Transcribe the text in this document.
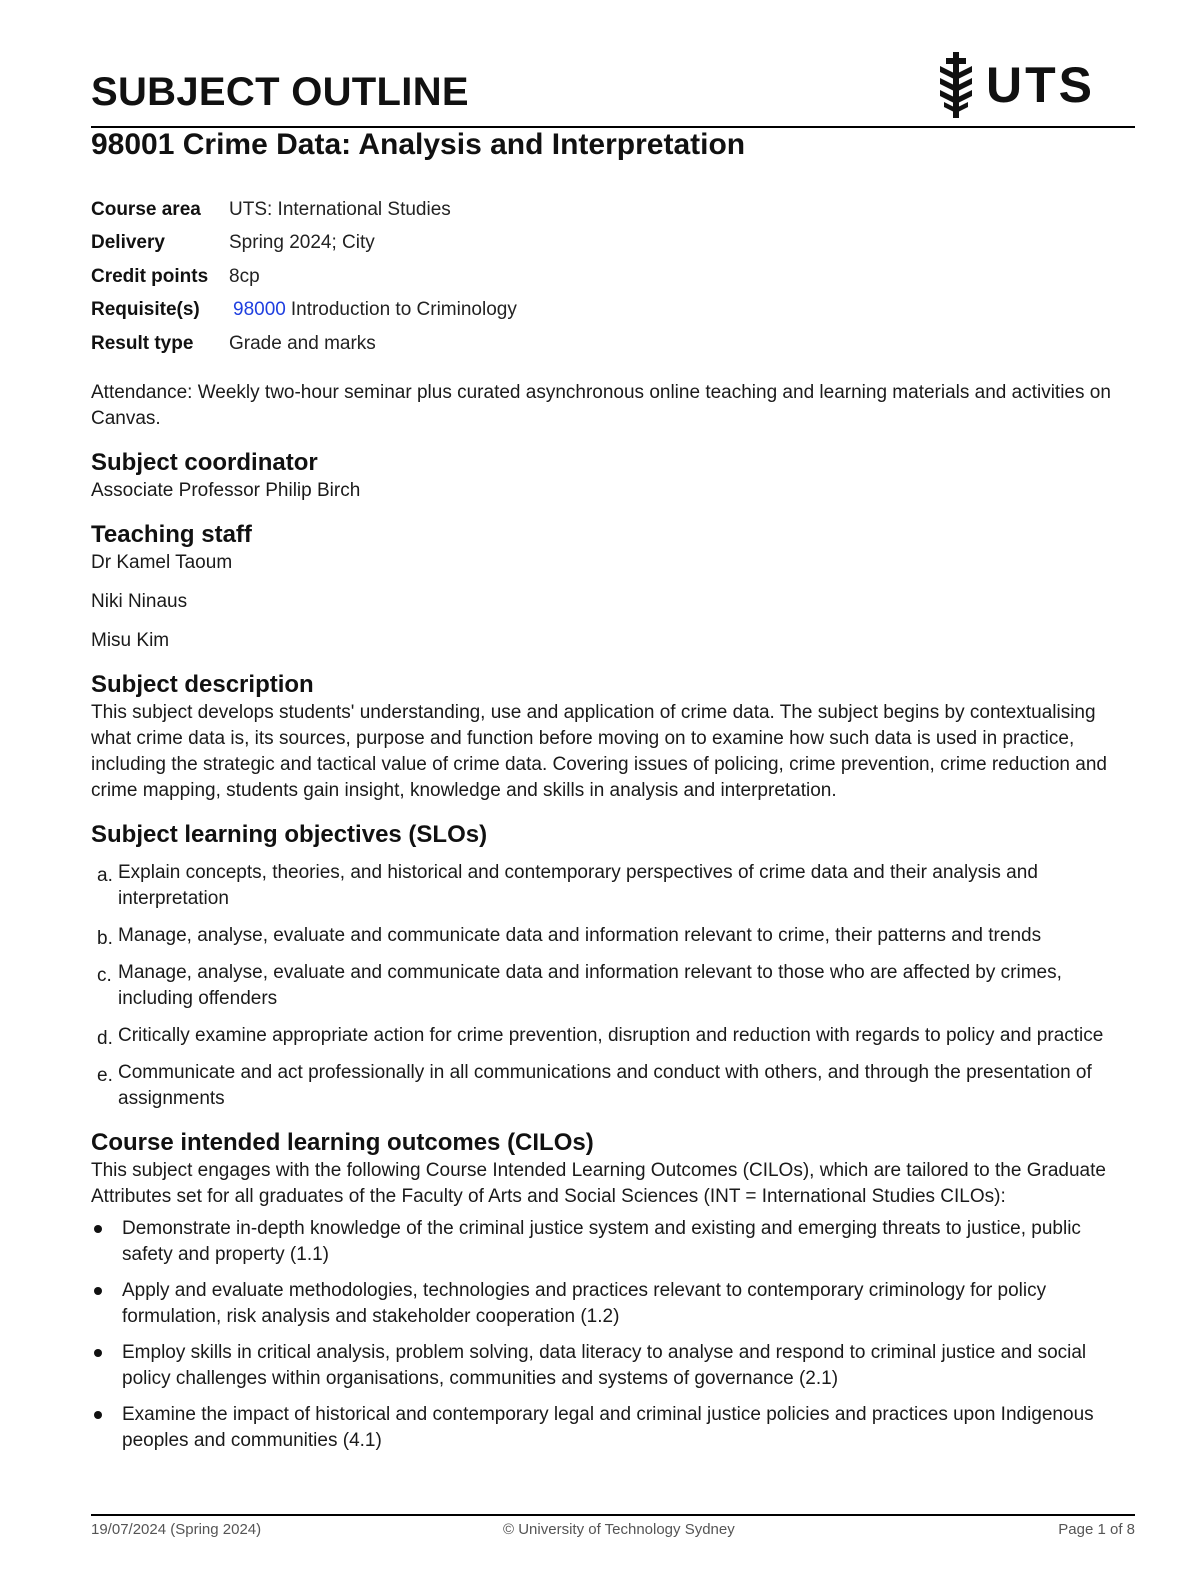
SUBJECT OUTLINE	UTS
98001 Crime Data: Analysis and Interpretation
Course area	UTS: International Studies
Delivery	Spring 2024; City
Credit points	8cp
Requisite(s)	98000 Introduction to Criminology
Result type	Grade and marks

Attendance: Weekly two-hour seminar plus curated asynchronous online teaching and learning materials and activities on Canvas.

Subject coordinator
Associate Professor Philip Birch
Teaching staff

Dr Kamel Taoum

Niki Ninaus

Misu Kim

Subject description

This subject develops students' understanding, use and application of crime data. The subject begins by contextualising what crime data is, its sources, purpose and function before moving on to examine how such data is used in practice, including the strategic and tactical value of crime data. Covering issues of policing, crime prevention, crime reduction and crime mapping, students gain insight, knowledge and skills in analysis and interpretation.

Subject learning objectives (SLOs)
a. Explain concepts, theories, and historical and contemporary perspectives of crime data and their analysis and interpretation
b. Manage, analyse, evaluate and communicate data and information relevant to crime, their patterns and trends
c. Manage, analyse, evaluate and communicate data and information relevant to those who are affected by crimes, including offenders
d. Critically examine appropriate action for crime prevention, disruption and reduction with regards to policy and practice
e. Communicate and act professionally in all communications and conduct with others, and through the presentation of assignments
Course intended learning outcomes (CILOs)

This subject engages with the following Course Intended Learning Outcomes (CILOs), which are tailored to the Graduate Attributes set for all graduates of the Faculty of Arts and Social Sciences (INT = International Studies CILOs):

Demonstrate in-depth knowledge of the criminal justice system and existing and emerging threats to justice, public safety and property (1.1)
Apply and evaluate methodologies, technologies and practices relevant to contemporary criminology for policy formulation, risk analysis and stakeholder cooperation (1.2)
Employ skills in critical analysis, problem solving, data literacy to analyse and respond to criminal justice and social policy challenges within organisations, communities and systems of governance (2.1)
Examine the impact of historical and contemporary legal and criminal justice policies and practices upon Indigenous peoples and communities (4.1)
19/07/2024 (Spring 2024)	© University of Technology Sydney	Page 1 of 8
